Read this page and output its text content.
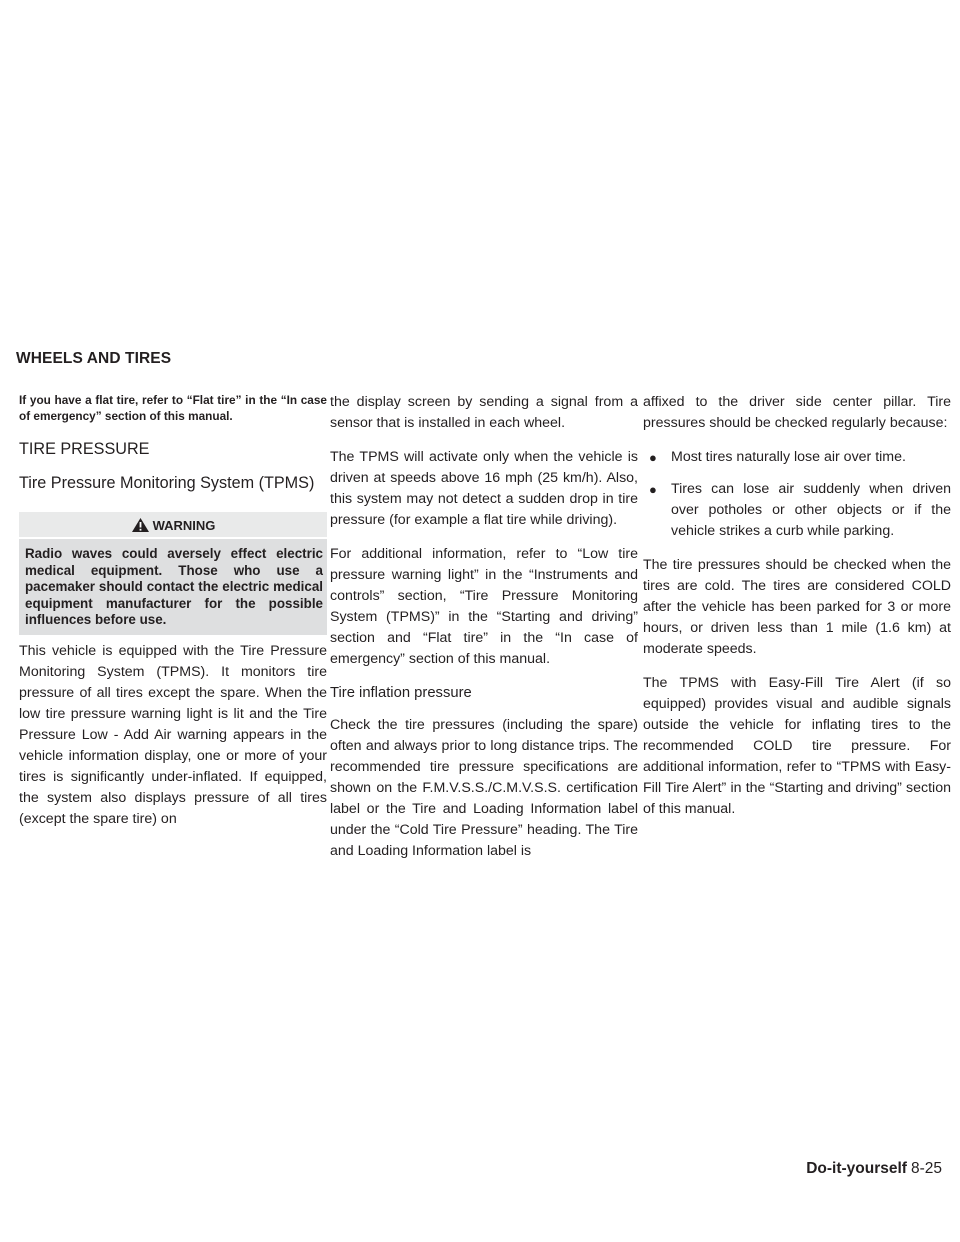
WHEELS AND TIRES

If you have a flat tire, refer to “Flat tire” in the “In case of emergency” section of this manual.

TIRE PRESSURE
Tire Pressure Monitoring System (TPMS)
WARNING
Radio waves could aversely effect electric medical equipment. Those who use a pacemaker should contact the electric medical equipment manufacturer for the possible influences before use.

This vehicle is equipped with the Tire Pressure Monitoring System (TPMS). It monitors tire pressure of all tires except the spare. When the low tire pressure warning light is lit and the Tire Pressure Low - Add Air warning appears in the vehicle information display, one or more of your tires is significantly under-inflated. If equipped, the system also displays pressure of all tires (except the spare tire) on

the display screen by sending a signal from a sensor that is installed in each wheel.

The TPMS will activate only when the vehicle is driven at speeds above 16 mph (25 km/h). Also, this system may not detect a sudden drop in tire pressure (for example a flat tire while driving).

For additional information, refer to “Low tire pressure warning light” in the “Instruments and controls” section, “Tire Pressure Monitoring System (TPMS)” in the “Starting and driving” section and “Flat tire” in the “In case of emergency” section of this manual.

Tire inflation pressure

Check the tire pressures (including the spare) often and always prior to long distance trips. The recommended tire pressure specifications are shown on the F.M.V.S.S./C.M.V.S.S. certification label or the Tire and Loading Information label under the “Cold Tire Pressure” heading. The Tire and Loading Information label is

affixed to the driver side center pillar. Tire pressures should be checked regularly because:

● Most tires naturally lose air over time.
● Tires can lose air suddenly when driven over potholes or other objects or if the vehicle strikes a curb while parking.

The tire pressures should be checked when the tires are cold. The tires are considered COLD after the vehicle has been parked for 3 or more hours, or driven less than 1 mile (1.6 km) at moderate speeds.

The TPMS with Easy-Fill Tire Alert (if so equipped) provides visual and audible signals outside the vehicle for inflating tires to the recommended COLD tire pressure. For additional information, refer to “TPMS with Easy-Fill Tire Alert” in the “Starting and driving” section of this manual.

Do-it-yourself 8-25
